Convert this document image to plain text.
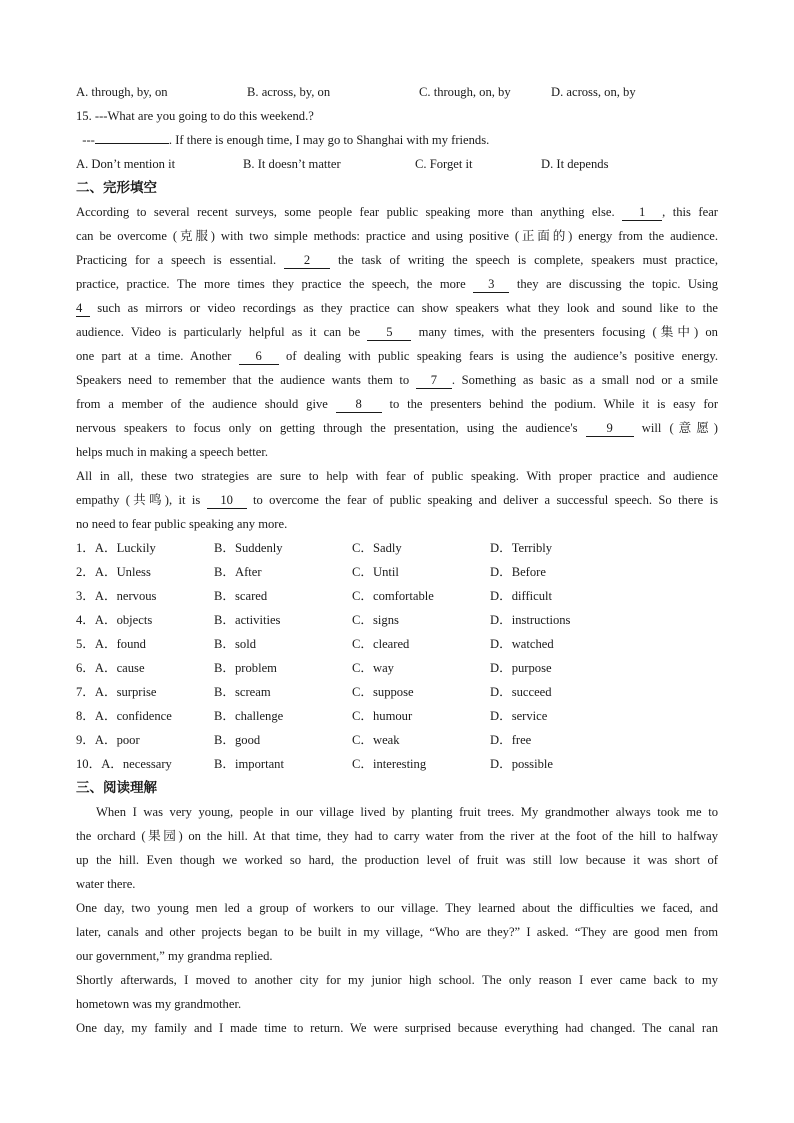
A. through, by, on	B. across, by, on	C. through, on, by	D. across, on, by
15. ---What are you going to do this weekend.?
---	. If there is enough time, I may go to Shanghai with my friends.
A. Don’t mention it	B. It doesn’t matter	C. Forget it	D. It depends
二、完形填空
According to several recent surveys, some people fear public speaking more than anything else. 1 , this fear
can be overcome (克服) with two simple methods: practice and using positive (正面的) energy from the audience.
Practicing for a speech is essential. 2 the task of writing the speech is complete, speakers must practice,
practice, practice. The more times they practice the speech, the more 3 they are discussing the topic. Using
4 such as mirrors or video recordings as they practice can show speakers what they look and sound like to the
audience. Video is particularly helpful as it can be 5 many times, with the presenters focusing (集中) on
one part at a time. Another 6 of dealing with public speaking fears is using the audience’s positive energy.
Speakers need to remember that the audience wants them to 7 . Something as basic as a small nod or a smile
from a member of the audience should give 8 to the presenters behind the podium. While it is easy for
nervous speakers to focus only on getting through the presentation, using the audience's 9 will (意愿)
helps much in making a speech better.
All in all, these two strategies are sure to help with fear of public speaking. With proper practice and audience
empathy (共鸣), it is 10 to overcome the fear of public speaking and deliver a successful speech. So there is
no need to fear public speaking any more.
1．A．Luckily	B．Suddenly	C．Sadly	D．Terribly
2．A．Unless	B．After	C．Until	D．Before
3．A．nervous	B．scared	C．comfortable	D．difficult
4．A．objects	B．activities	C．signs	D．instructions
5．A．found	B．sold	C．cleared	D．watched
6．A．cause	B．problem	C．way	D．purpose
7．A．surprise	B．scream	C．suppose	D．succeed
8．A．confidence	B．challenge	C．humour	D．service
9．A．poor	B．good	C．weak	D．free
10．A．necessary	B．important	C．interesting	D．possible
三、阅读理解
When I was very young, people in our village lived by planting fruit trees. My grandmother always took me to
the orchard (果园) on the hill. At that time, they had to carry water from the river at the foot of the hill to halfway
up the hill. Even though we worked so hard, the production level of fruit was still low because it was short of
water there.
One day, two young men led a group of workers to our village. They learned about the difficulties we faced, and
later, canals and other projects began to be built in my village, “Who are they?” I asked. “They are good men from
our government,” my grandma replied.
Shortly afterwards, I moved to another city for my junior high school. The only reason I ever came back to my
hometown was my grandmother.
One day, my family and I made time to return. We were surprised because everything had changed. The canal ran
